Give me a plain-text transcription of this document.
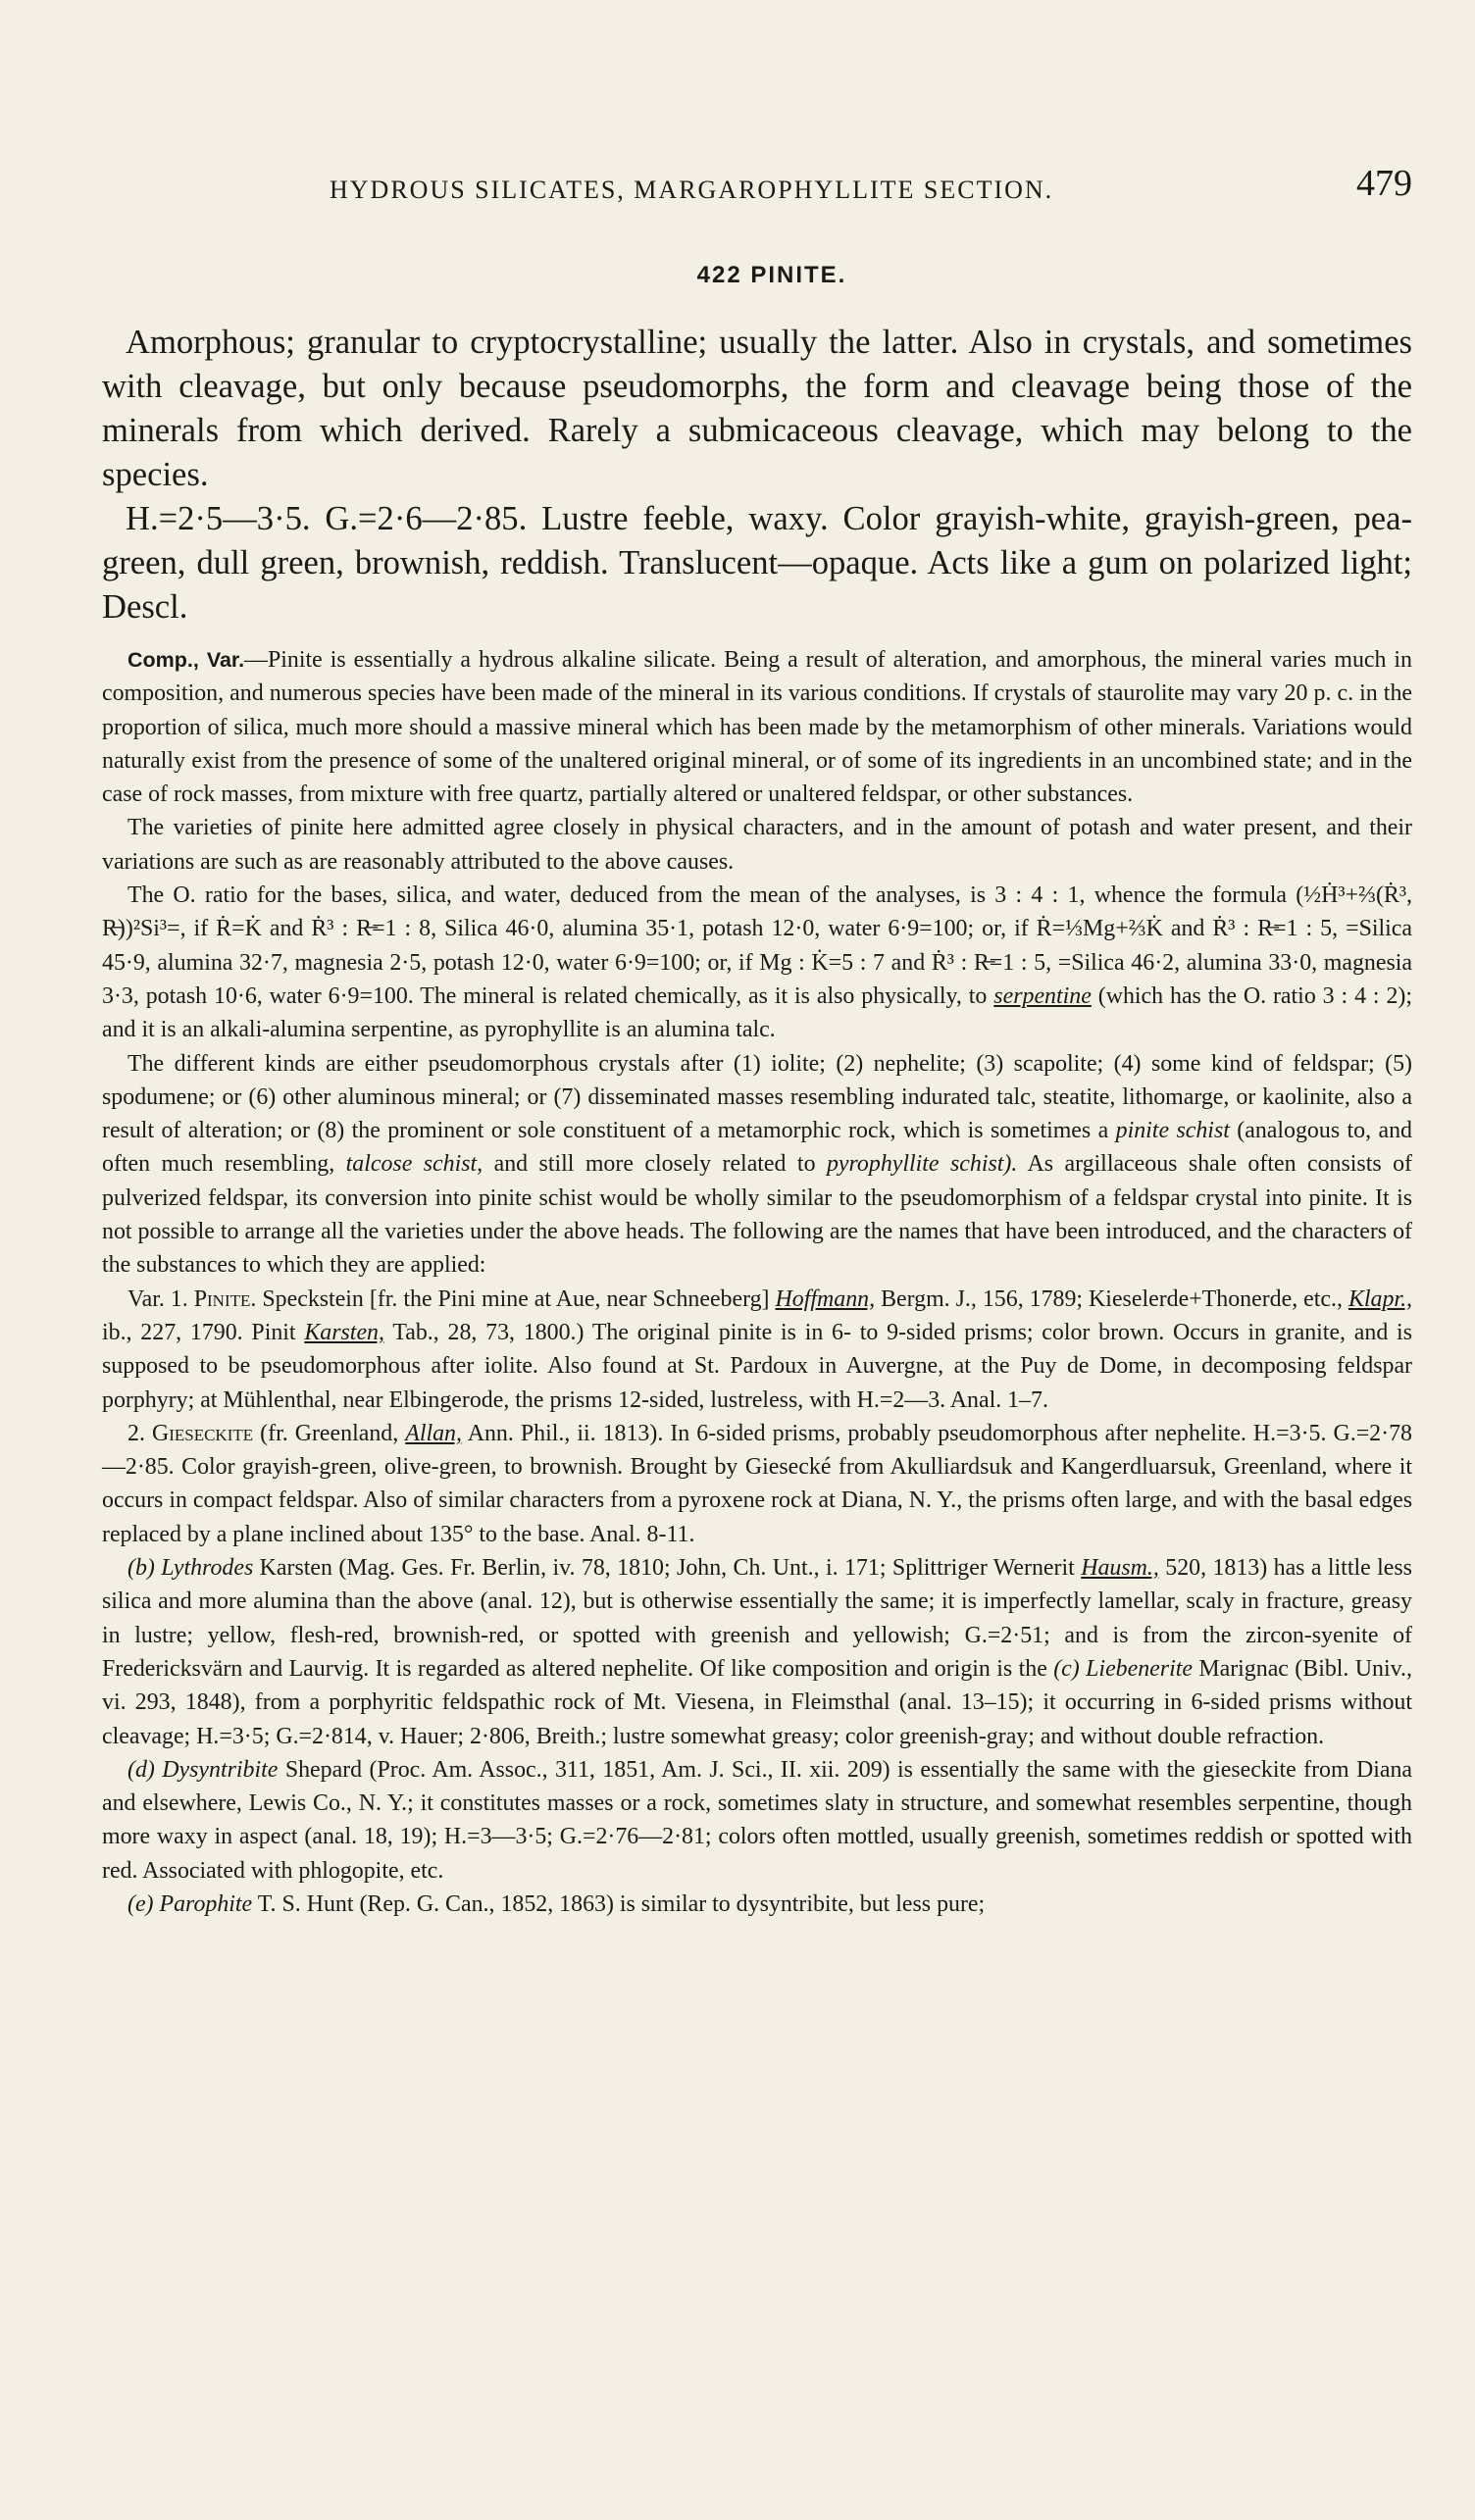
HYDROUS SILICATES, MARGAROPHYLLITE SECTION.	479
422 PINITE.

Amorphous; granular to cryptocrystalline; usually the latter. Also in crystals, and sometimes with cleavage, but only because pseudomorphs, the form and cleavage being those of the minerals from which derived. Rarely a submicaceous cleavage, which may belong to the species.

H.=2·5—3·5. G.=2·6—2·85. Lustre feeble, waxy. Color grayish-white, grayish-green, pea-green, dull green, brownish, reddish. Translucent—opaque. Acts like a gum on polarized light; Descl.

Comp., Var.—Pinite is essentially a hydrous alkaline silicate. Being a result of alteration, and amorphous, the mineral varies much in composition, and numerous species have been made of the mineral in its various conditions. If crystals of staurolite may vary 20 p. c. in the proportion of silica, much more should a massive mineral which has been made by the metamorphism of other minerals. Variations would naturally exist from the presence of some of the unaltered original mineral, or of some of its ingredients in an uncombined state; and in the case of rock masses, from mixture with free quartz, partially altered or unaltered feldspar, or other substances.

The varieties of pinite here admitted agree closely in physical characters, and in the amount of potash and water present, and their variations are such as are reasonably attributed to the above causes.

The O. ratio for the bases, silica, and water, deduced from the mean of the analyses, is 3 : 4 : 1, whence the formula (½Ḣ³+⅔(Ṙ³, R̶))²Si³=, if Ṙ=K̇ and Ṙ³ : R̶=1 : 8, Silica 46·0, alumina 35·1, potash 12·0, water 6·9=100; or, if Ṙ=⅓Mg+⅔K̇ and Ṙ³ : R̶=1 : 5, =Silica 45·9, alumina 32·7, magnesia 2·5, potash 12·0, water 6·9=100; or, if Mg : K̇=5 : 7 and Ṙ³ : R̶=1 : 5, =Silica 46·2, alumina 33·0, magnesia 3·3, potash 10·6, water 6·9=100. The mineral is related chemically, as it is also physically, to serpentine (which has the O. ratio 3 : 4 : 2); and it is an alkali-alumina serpentine, as pyrophyllite is an alumina talc.

The different kinds are either pseudomorphous crystals after (1) iolite; (2) nephelite; (3) scapolite; (4) some kind of feldspar; (5) spodumene; or (6) other aluminous mineral; or (7) disseminated masses resembling indurated talc, steatite, lithomarge, or kaolinite, also a result of alteration; or (8) the prominent or sole constituent of a metamorphic rock, which is sometimes a pinite schist (analogous to, and often much resembling, talcose schist, and still more closely related to pyrophyllite schist). As argillaceous shale often consists of pulverized feldspar, its conversion into pinite schist would be wholly similar to the pseudomorphism of a feldspar crystal into pinite. It is not possible to arrange all the varieties under the above heads. The following are the names that have been introduced, and the characters of the substances to which they are applied:

Var. 1. Pinite. Speckstein [fr. the Pini mine at Aue, near Schneeberg] Hoffmann, Bergm. J., 156, 1789; Kieselerde+Thonerde, etc., Klapr., ib., 227, 1790. Pinit Karsten, Tab., 28, 73, 1800.) The original pinite is in 6- to 9-sided prisms; color brown. Occurs in granite, and is supposed to be pseudomorphous after iolite. Also found at St. Pardoux in Auvergne, at the Puy de Dome, in decomposing feldspar porphyry; at Mühlenthal, near Elbingerode, the prisms 12-sided, lustreless, with H.=2—3. Anal. 1–7.

2. Gieseckite (fr. Greenland, Allan, Ann. Phil., ii. 1813). In 6-sided prisms, probably pseudomorphous after nephelite. H.=3·5. G.=2·78—2·85. Color grayish-green, olive-green, to brownish. Brought by Giesecké from Akulliardsuk and Kangerdluarsuk, Greenland, where it occurs in compact feldspar. Also of similar characters from a pyroxene rock at Diana, N. Y., the prisms often large, and with the basal edges replaced by a plane inclined about 135° to the base. Anal. 8-11.

(b) Lythrodes Karsten (Mag. Ges. Fr. Berlin, iv. 78, 1810; John, Ch. Unt., i. 171; Splittriger Wernerit Hausm., 520, 1813) has a little less silica and more alumina than the above (anal. 12), but is otherwise essentially the same; it is imperfectly lamellar, scaly in fracture, greasy in lustre; yellow, flesh-red, brownish-red, or spotted with greenish and yellowish; G.=2·51; and is from the zircon-syenite of Fredericksvärn and Laurvig. It is regarded as altered nephelite. Of like composition and origin is the (c) Liebenerite Marignac (Bibl. Univ., vi. 293, 1848), from a porphyritic feldspathic rock of Mt. Viesena, in Fleimsthal (anal. 13–15); it occurring in 6-sided prisms without cleavage; H.=3·5; G.=2·814, v. Hauer; 2·806, Breith.; lustre somewhat greasy; color greenish-gray; and without double refraction.

(d) Dysyntribite Shepard (Proc. Am. Assoc., 311, 1851, Am. J. Sci., II. xii. 209) is essentially the same with the gieseckite from Diana and elsewhere, Lewis Co., N. Y.; it constitutes masses or a rock, sometimes slaty in structure, and somewhat resembles serpentine, though more waxy in aspect (anal. 18, 19); H.=3—3·5; G.=2·76—2·81; colors often mottled, usually greenish, sometimes reddish or spotted with red. Associated with phlogopite, etc.

(e) Parophite T. S. Hunt (Rep. G. Can., 1852, 1863) is similar to dysyntribite, but less pure;
